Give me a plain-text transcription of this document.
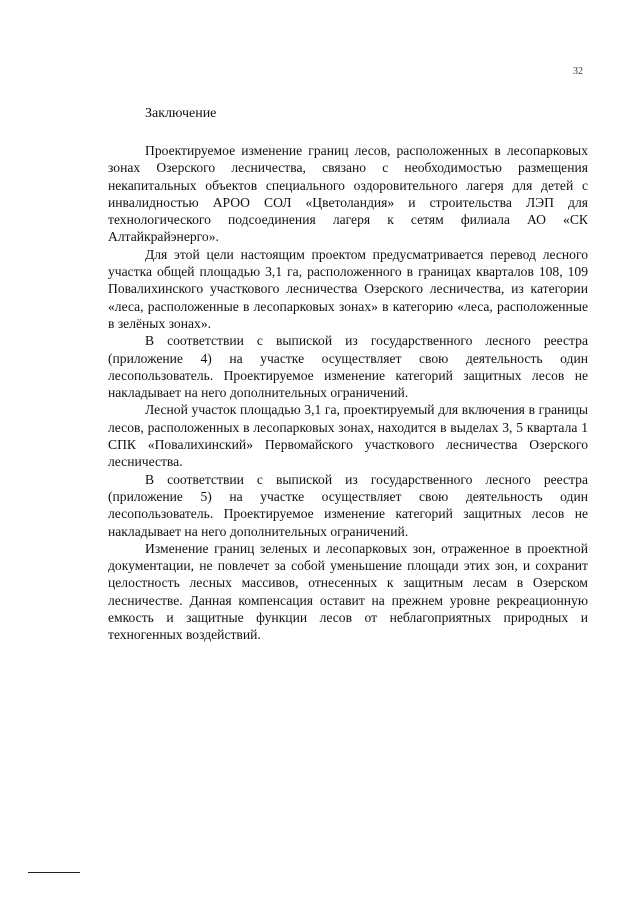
32
Заключение

Проектируемое изменение границ лесов, расположенных в лесопарковых зонах Озерского лесничества, связано с необходимостью размещения некапитальных объектов специального оздоровительного лагеря для детей с инвалидностью АРОО СОЛ «Цветоландия» и строительства ЛЭП для технологического подсоединения лагеря к сетям филиала АО «СК Алтайкрайэнерго».

Для этой цели настоящим проектом предусматривается перевод лесного участка общей площадью 3,1 га, расположенного в границах кварталов 108, 109 Повалихинского участкового лесничества Озерского лесничества, из категории «леса, расположенные в лесопарковых зонах» в категорию «леса, расположенные в зелёных зонах».

В соответствии с выпиской из государственного лесного реестра (приложение 4) на участке осуществляет свою деятельность один лесопользователь. Проектируемое изменение категорий защитных лесов не накладывает на него дополнительных ограничений.

Лесной участок площадью 3,1 га, проектируемый для включения в границы лесов, расположенных в лесопарковых зонах, находится в выделах 3, 5 квартала 1 СПК «Повалихинский» Первомайского участкового лесничества Озерского лесничества.

В соответствии с выпиской из государственного лесного реестра (приложение 5) на участке осуществляет свою деятельность один лесопользователь. Проектируемое изменение категорий защитных лесов не накладывает на него дополнительных ограничений.

Изменение границ зеленых и лесопарковых зон, отраженное в проектной документации, не повлечет за собой уменьшение площади этих зон, и сохранит целостность лесных массивов, отнесенных к защитным лесам в Озерском лесничестве. Данная компенсация оставит на прежнем уровне рекреационную емкость и защитные функции лесов от неблагоприятных природных и техногенных воздействий.
